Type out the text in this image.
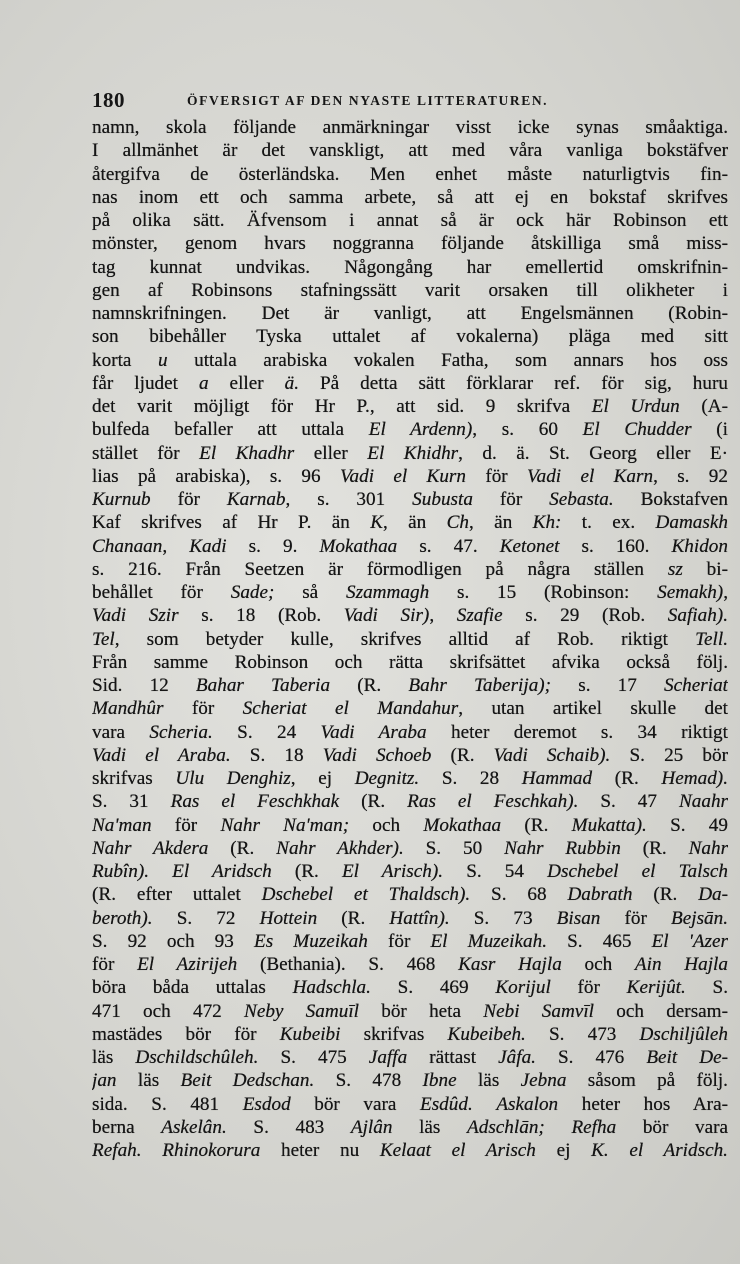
180	ÖFVERSIGT AF DEN NYASTE LITTERATUREN.
namn, skola följande anmärkningar visst icke synas småaktiga.
I allmänhet är det vanskligt, att med våra vanliga bokstäfver
återgifva de österländska. Men enhet måste naturligtvis fin-
nas inom ett och samma arbete, så att ej en bokstaf skrifves
på olika sätt. Äfvensom i annat så är ock här Robinson ett
mönster, genom hvars noggranna följande åtskilliga små miss-
tag kunnat undvikas. Någongång har emellertid omskrifnin-
gen af Robinsons stafningssätt varit orsaken till olikheter i
namnskrifningen. Det är vanligt, att Engelsmännen (Robin-
son bibehåller Tyska uttalet af vokalerna) pläga med sitt
korta u uttala arabiska vokalen Fatha, som annars hos oss
får ljudet a eller ä. På detta sätt förklarar ref. för sig, huru
det varit möjligt för Hr P., att sid. 9 skrifva El Urdun (A-
bulfeda befaller att uttala El Ardenn), s. 60 El Chudder (i
stället för El Khadhr eller El Khidhr, d. ä. St. Georg eller E·
lias på arabiska), s. 96 Vadi el Kurn för Vadi el Karn, s. 92
Kurnub för Karnab, s. 301 Subusta för Sebasta. Bokstafven
Kaf skrifves af Hr P. än K, än Ch, än Kh: t. ex. Damaskh
Chanaan, Kadi s. 9. Mokathaa s. 47. Ketonet s. 160. Khidon
s. 216. Från Seetzen är förmodligen på några ställen sz bi-
behållet för Sade; så Szammagh s. 15 (Robinson: Semakh),
Vadi Szir s. 18 (Rob. Vadi Sir), Szafie s. 29 (Rob. Safiah).
Tel, som betyder kulle, skrifves alltid af Rob. riktigt Tell.
Från samme Robinson och rätta skrifsättet afvika också följ.
Sid. 12 Bahar Taberia (R. Bahr Taberija); s. 17 Scheriat
Mandhûr för Scheriat el Mandahur, utan artikel skulle det
vara Scheria. S. 24 Vadi Araba heter deremot s. 34 riktigt
Vadi el Araba. S. 18 Vadi Schoeb (R. Vadi Schaib). S. 25 bör
skrifvas Ulu Denghiz, ej Degnitz. S. 28 Hammad (R. Hemad).
S. 31 Ras el Feschkhak (R. Ras el Feschkah). S. 47 Naahr
Na'man för Nahr Na'man; och Mokathaa (R. Mukatta). S. 49
Nahr Akdera (R. Nahr Akhder). S. 50 Nahr Rubbin (R. Nahr
Rubîn). El Aridsch (R. El Arisch). S. 54 Dschebel el Talsch
(R. efter uttalet Dschebel et Thaldsch). S. 68 Dabrath (R. Da-
beroth). S. 72 Hottein (R. Hattîn). S. 73 Bisan för Bejsān.
S. 92 och 93 Es Muzeikah för El Muzeikah. S. 465 El 'Azer
för El Azirijeh (Bethania). S. 468 Kasr Hajla och Ain Hajla
böra båda uttalas Hadschla. S. 469 Korijul för Kerijût. S.
471 och 472 Neby Samuīl bör heta Nebi Samvīl och dersam-
mastädes bör för Kubeibi skrifvas Kubeibeh. S. 473 Dschiljûleh
läs Dschildschûleh. S. 475 Jaffa rättast Jâfa. S. 476 Beit De-
jan läs Beit Dedschan. S. 478 Ibne läs Jebna såsom på följ.
sida. S. 481 Esdod bör vara Esdûd. Askalon heter hos Ara-
berna Askelân. S. 483 Ajlân läs Adschlān; Refha bör vara
Refah. Rhinokorura heter nu Kelaat el Arisch ej K. el Aridsch.
